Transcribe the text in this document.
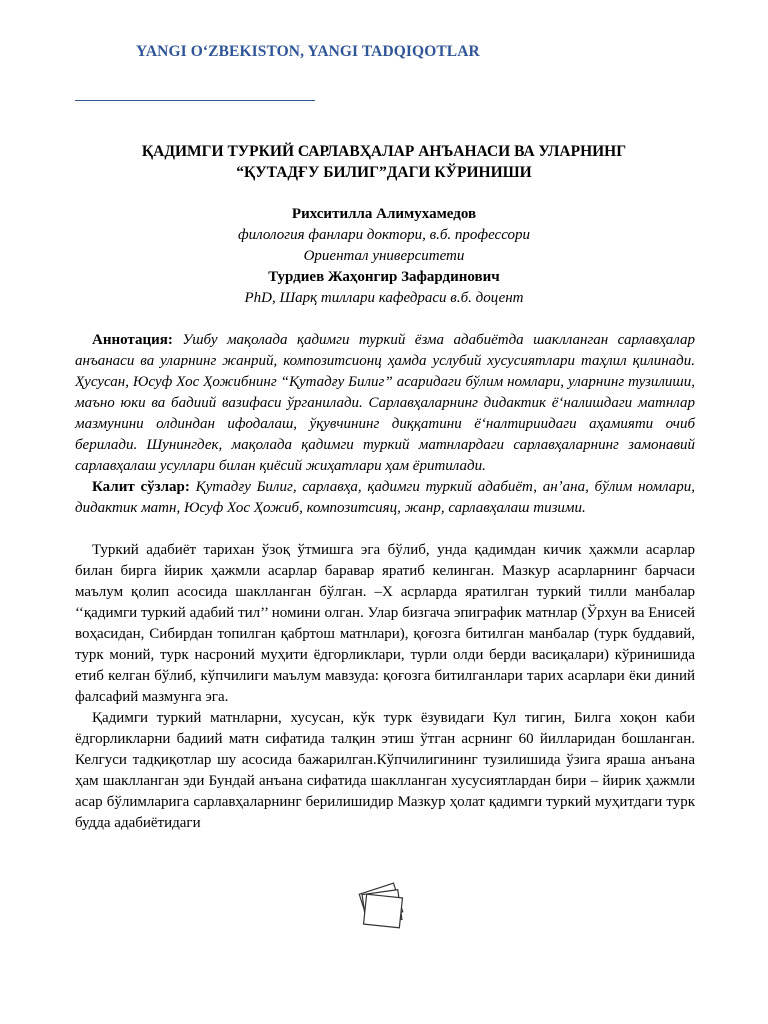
YANGI O‘ZBEKISTON, YANGI TADQIQOTLAR
ҚАДИМГИ ТУРКИЙ САРЛАВҲАЛАР АНЪАНАСИ ВА УЛАРНИНГ
“ҚУТАДҒУ БИЛИГ”ДАГИ КЎРИНИШИ
Рихситилла Алимухамедов
филология фанлари доктори, в.б. профессори
Ориентал университети
Турдиев Жаҳонгир Зафардинович
PhD, Шарқ тиллари кафедраси в.б. доцент

Аннотация: Ушбу мақолада қадимги туркий ёзма адабиётда шаклланган сарлавҳалар анъанаси ва уларнинг жанрий, композитсионц ҳамда услубий хусусиятлари таҳлил қилинади. Ҳусусан, Юсуф Хос Ҳожибнинг “Қутадғу Билиг” асаридаги бўлим номлари, уларнинг тузилиши, маъно юки ва бадиий вазифаси ўрганилади. Сарлавҳаларнинг дидактик ёʻналишдаги матнлар мазмунини олдиндан ифодалаш, ўқувчининг диққатини ёʻналтириидаги аҳамияти очиб берилади. Шунингдек, мақолада қадимги туркий матнлардаги сарлавҳаларнинг замонавий сарлавҳалаш усуллари билан қиёсий жиҳатлари ҳам ёритилади.

Калит сўзлар: Қутадғу Билиг, сарлавҳа, қадимги туркий адабиёт, анʼана, бўлим номлари, дидактик матн, Юсуф Хос Ҳожиб, композитсияц, жанр, сарлавҳалаш тизими.

Туркий адабиёт тарихан ўзоқ ўтмишга эга бўлиб, унда қадимдан кичик ҳажмли асарлар билан бирга йирик ҳажмли асарлар баравар яратиб келинган. Мазкур асарларнинг барчаси маълум қолип асосида шаклланган бўлган. –X асрларда яратилган туркий тилли манбалар ‘‘қадимги туркий адабий тил’’ номини олган. Улар бизгача эпиграфик матнлар (Ўрхун ва Енисей воҳасидан, Сибирдан топилган қабртош матнлари), қоғозга битилган манбалар (турк буддавий, турк моний, турк насроний муҳити ёдгорликлари, турли олди берди васиқалари) кўринишида етиб келган бўлиб, кўпчилиги маълум мавзуда: қоғозга битилганлари тарих асарлари ёки диний фалсафий мазмунга эга.

Қадимги туркий матнларни, хусусан, кўк турк ёзувидаги Кул тигин, Билга хоқон каби ёдгорликларни бадиий матн сифатида талқин этиш ўтган асрнинг 60 йилларидан бошланган. Келгуси тадқиқотлар шу асосида бажарилган.Кўпчилигининг тузилишида ўзига яраша анъана ҳам шаклланган эди Бундай анъана сифатида шаклланган хусусиятлардан бири – йирик ҳажмли асар бўлимларига сарлавҳаларнинг берилишидир Мазкур ҳолат қадимги туркий муҳитдаги турк будда адабиётидаги
